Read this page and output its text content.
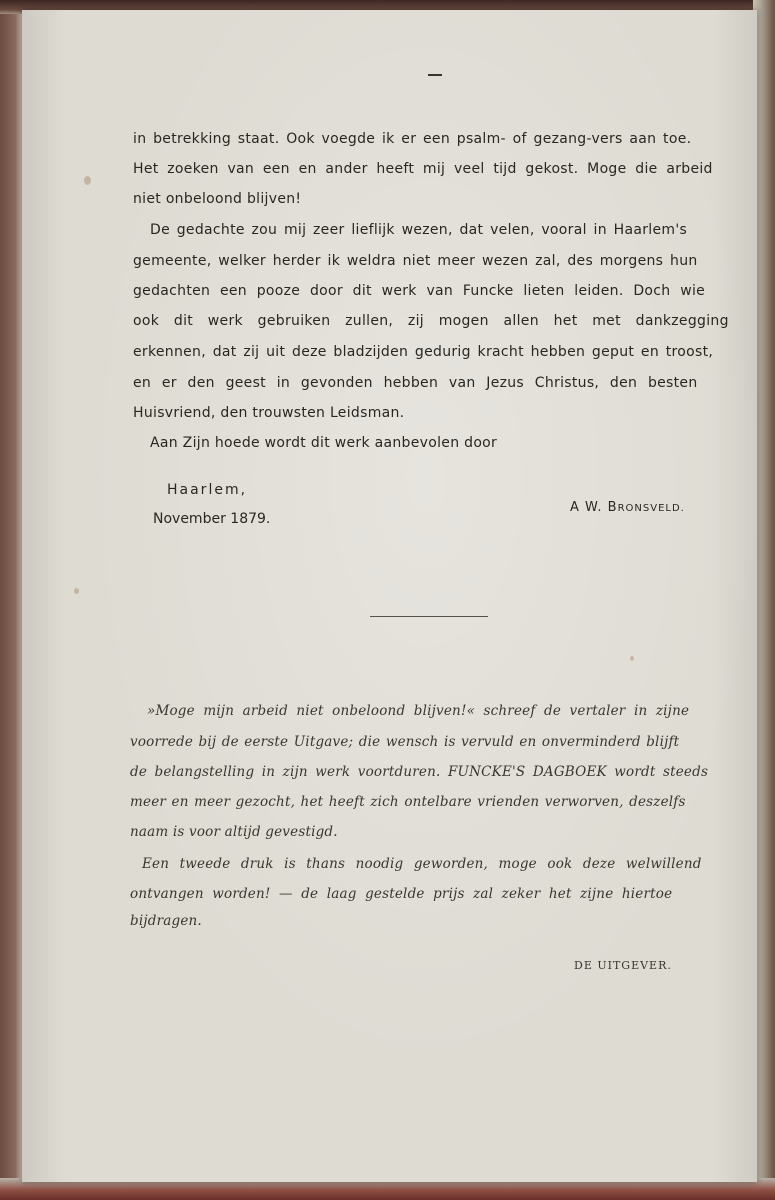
in betrekking staat. Ook voegde ik er een psalm- of gezang-vers aan toe.
Het zoeken van een en ander heeft mij veel tijd gekost. Moge die arbeid
niet onbeloond blijven!
De gedachte zou mij zeer lieflijk wezen, dat velen, vooral in Haarlem's
gemeente, welker herder ik weldra niet meer wezen zal, des morgens hun
gedachten een pooze door dit werk van Funcke lieten leiden. Doch wie
ook dit werk gebruiken zullen, zij mogen allen het met dankzegging
erkennen, dat zij uit deze bladzijden gedurig kracht hebben geput en troost,
en er den geest in gevonden hebben van Jezus Christus, den besten
Huisvriend, den trouwsten Leidsman.
Aan Zijn hoede wordt dit werk aanbevolen door
Haarlem,
November 1879.
A W. BRONSVELD.
»Moge mijn arbeid niet onbeloond blijven!« schreef de vertaler in zijne
voorrede bij de eerste Uitgave; die wensch is vervuld en onverminderd blijft
de belangstelling in zijn werk voortduren. FUNCKE'S DAGBOEK wordt steeds
meer en meer gezocht, het heeft zich ontelbare vrienden verworven, deszelfs
naam is voor altijd gevestigd.
Een tweede druk is thans noodig geworden, moge ook deze welwillend
ontvangen worden! — de laag gestelde prijs zal zeker het zijne hiertoe
bijdragen.
DE UITGEVER.
